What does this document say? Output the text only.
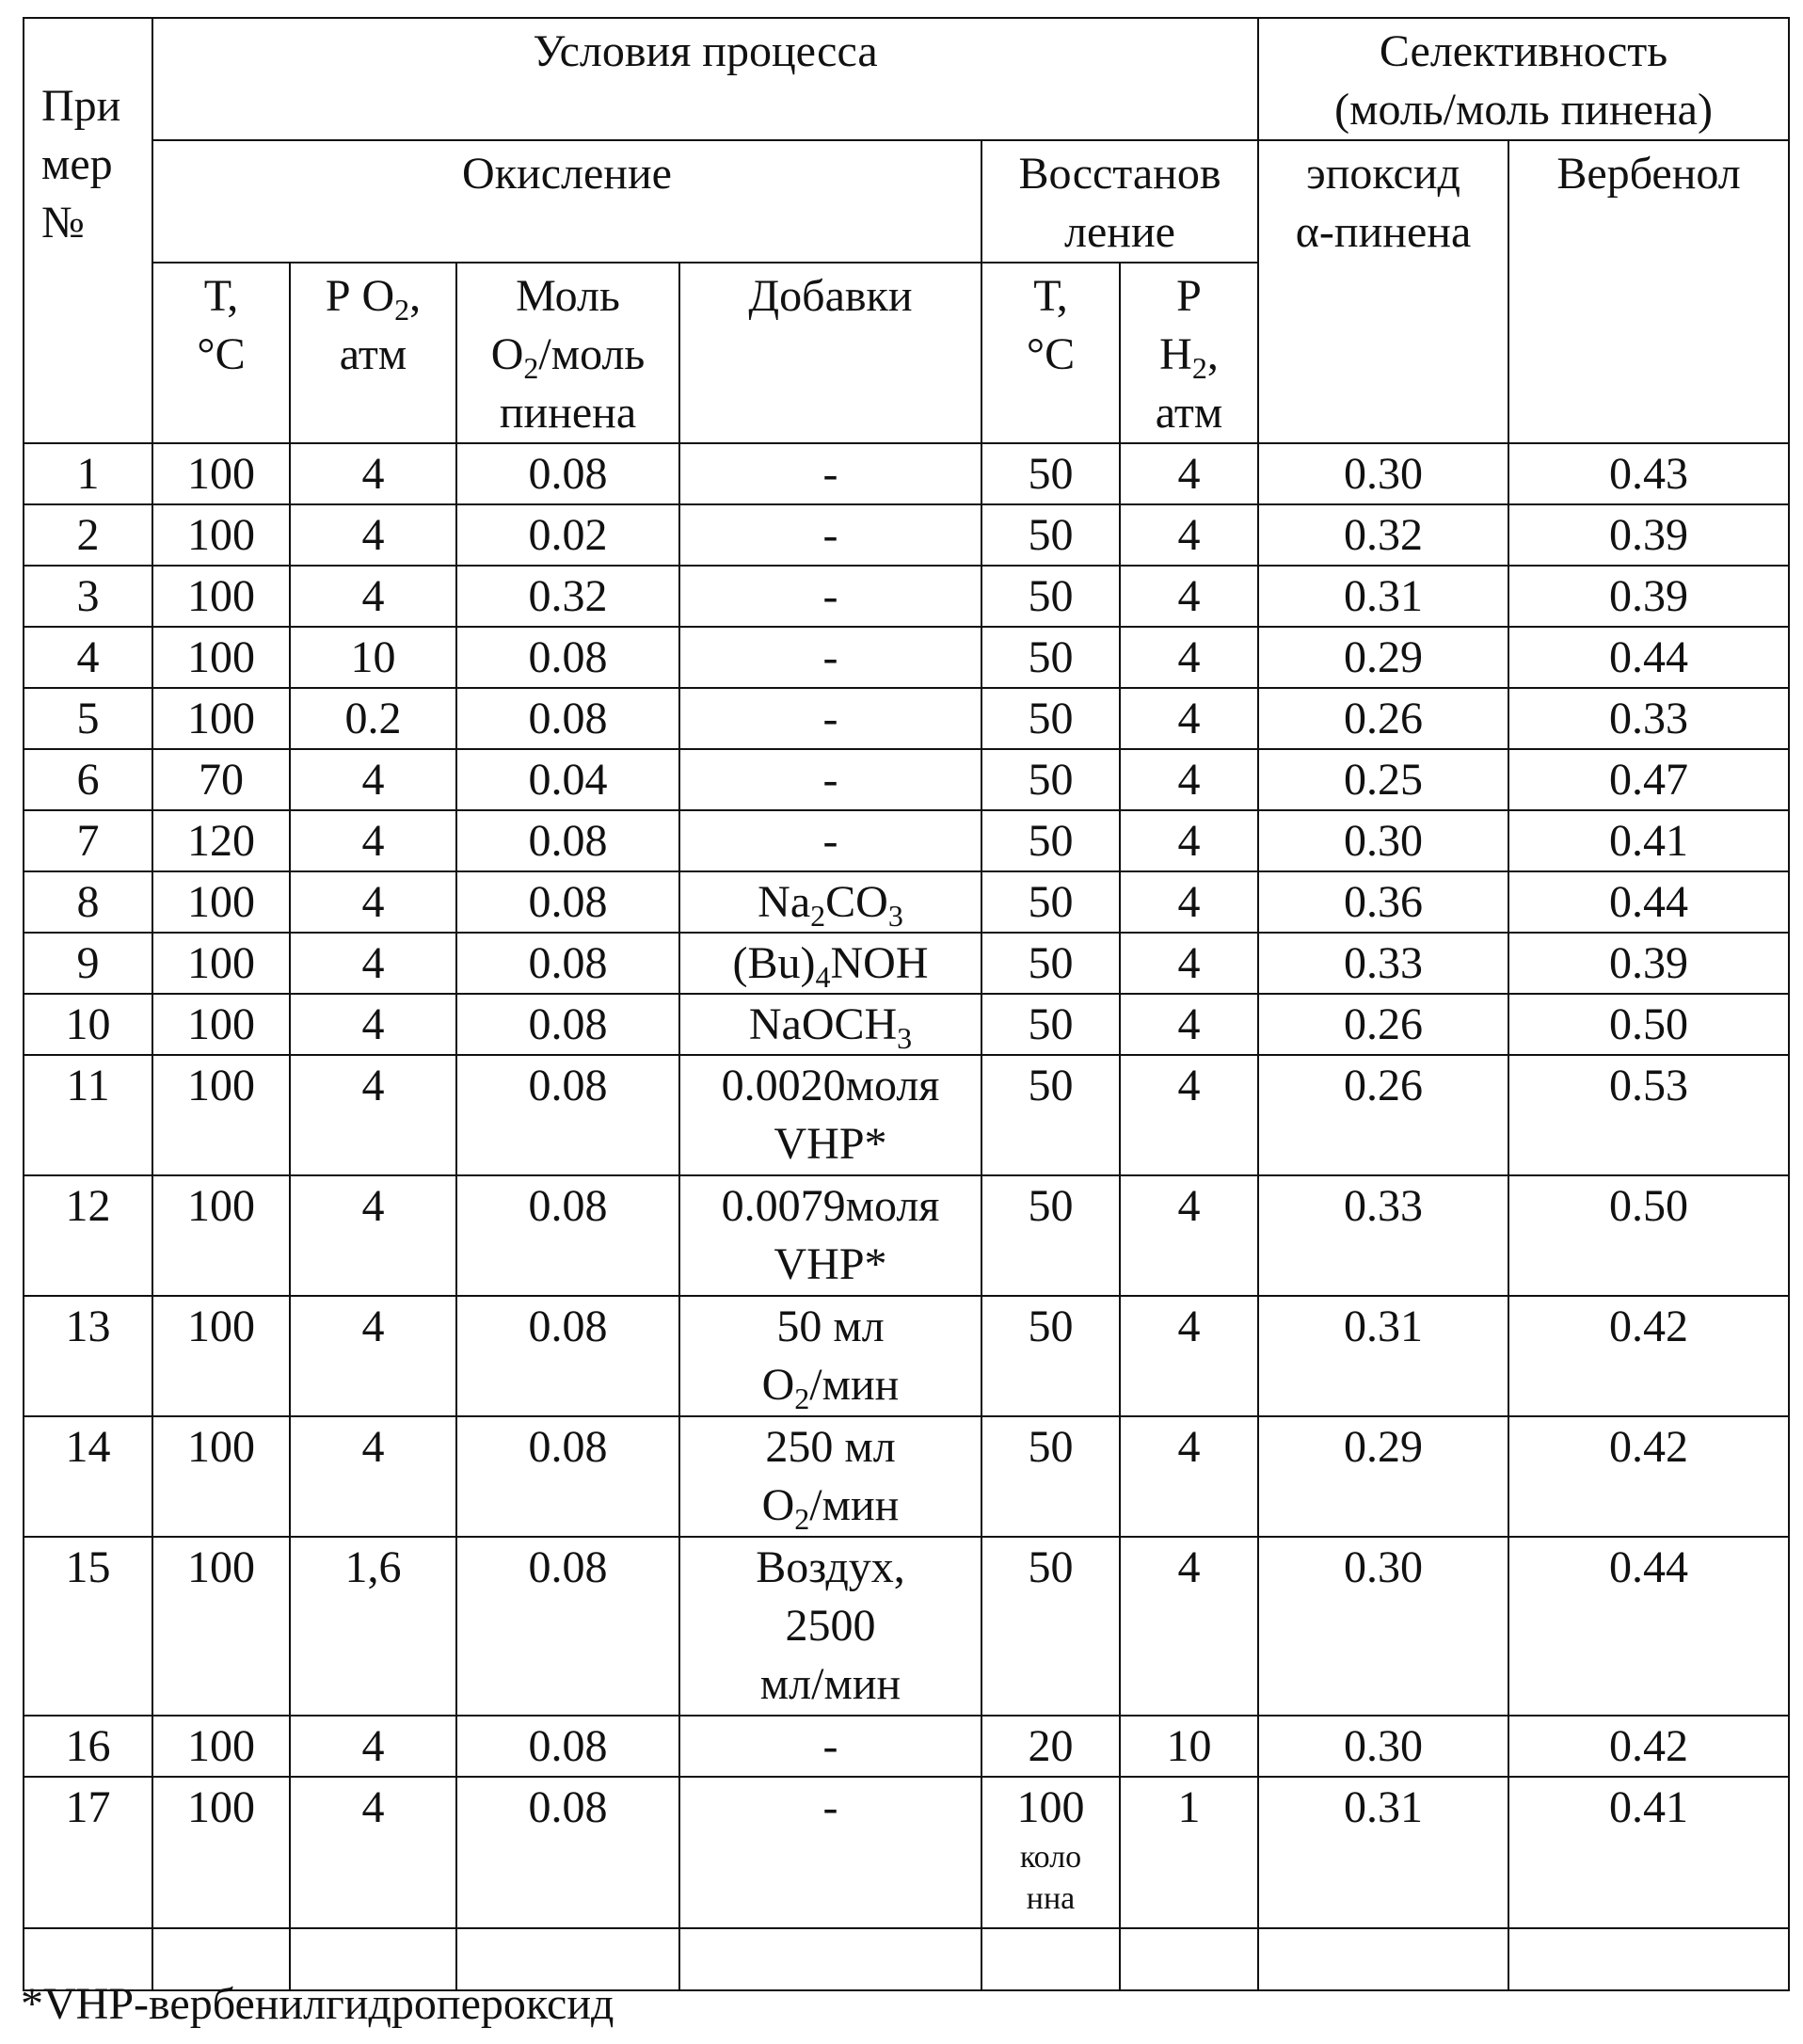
При
мер
№
	Условия процесса	Селективность
(моль/моль пинена)

Окисление	Восстанов
ление

эпоксид
α-пинена
	Вербенол

Т,
°С

Р О2,
атм

Моль
О2/моль
пинена
	Добавки	Т,
°С

Р
Н2,
атм

1	100	4	0.08	-	50	4	0.30	0.43
2	100	4	0.02	-	50	4	0.32	0.39
3	100	4	0.32	-	50	4	0.31	0.39
4	100	10	0.08	-	50	4	0.29	0.44
5	100	0.2	0.08	-	50	4	0.26	0.33
6	70	4	0.04	-	50	4	0.25	0.47
7	120	4	0.08	-	50	4	0.30	0.41
8	100	4	0.08	Na2CO3	50	4	0.36	0.44
9	100	4	0.08	(Bu)4NOH	50	4	0.33	0.39
10	100	4	0.08	NaOCH3	50	4	0.26	0.50
11	100	4	0.08	0.0020моля
VHP*

50	4	0.26	0.53
12	100	4	0.08	0.0079моля
VHP*

50	4	0.33	0.50
13	100	4	0.08	50 мл
O2/мин

50	4	0.31	0.42
14	100	4	0.08	250 мл
O2/мин

50	4	0.29	0.42
15	100	1,6	0.08	Воздух,
2500
мл/мин

50	4	0.30	0.44
16	100	4	0.08	-	20	10	0.30	0.42
17	100	4	0.08	-	100
коло
нна
	1	0.31	0.41

*VHP-вербенилгидропероксид
